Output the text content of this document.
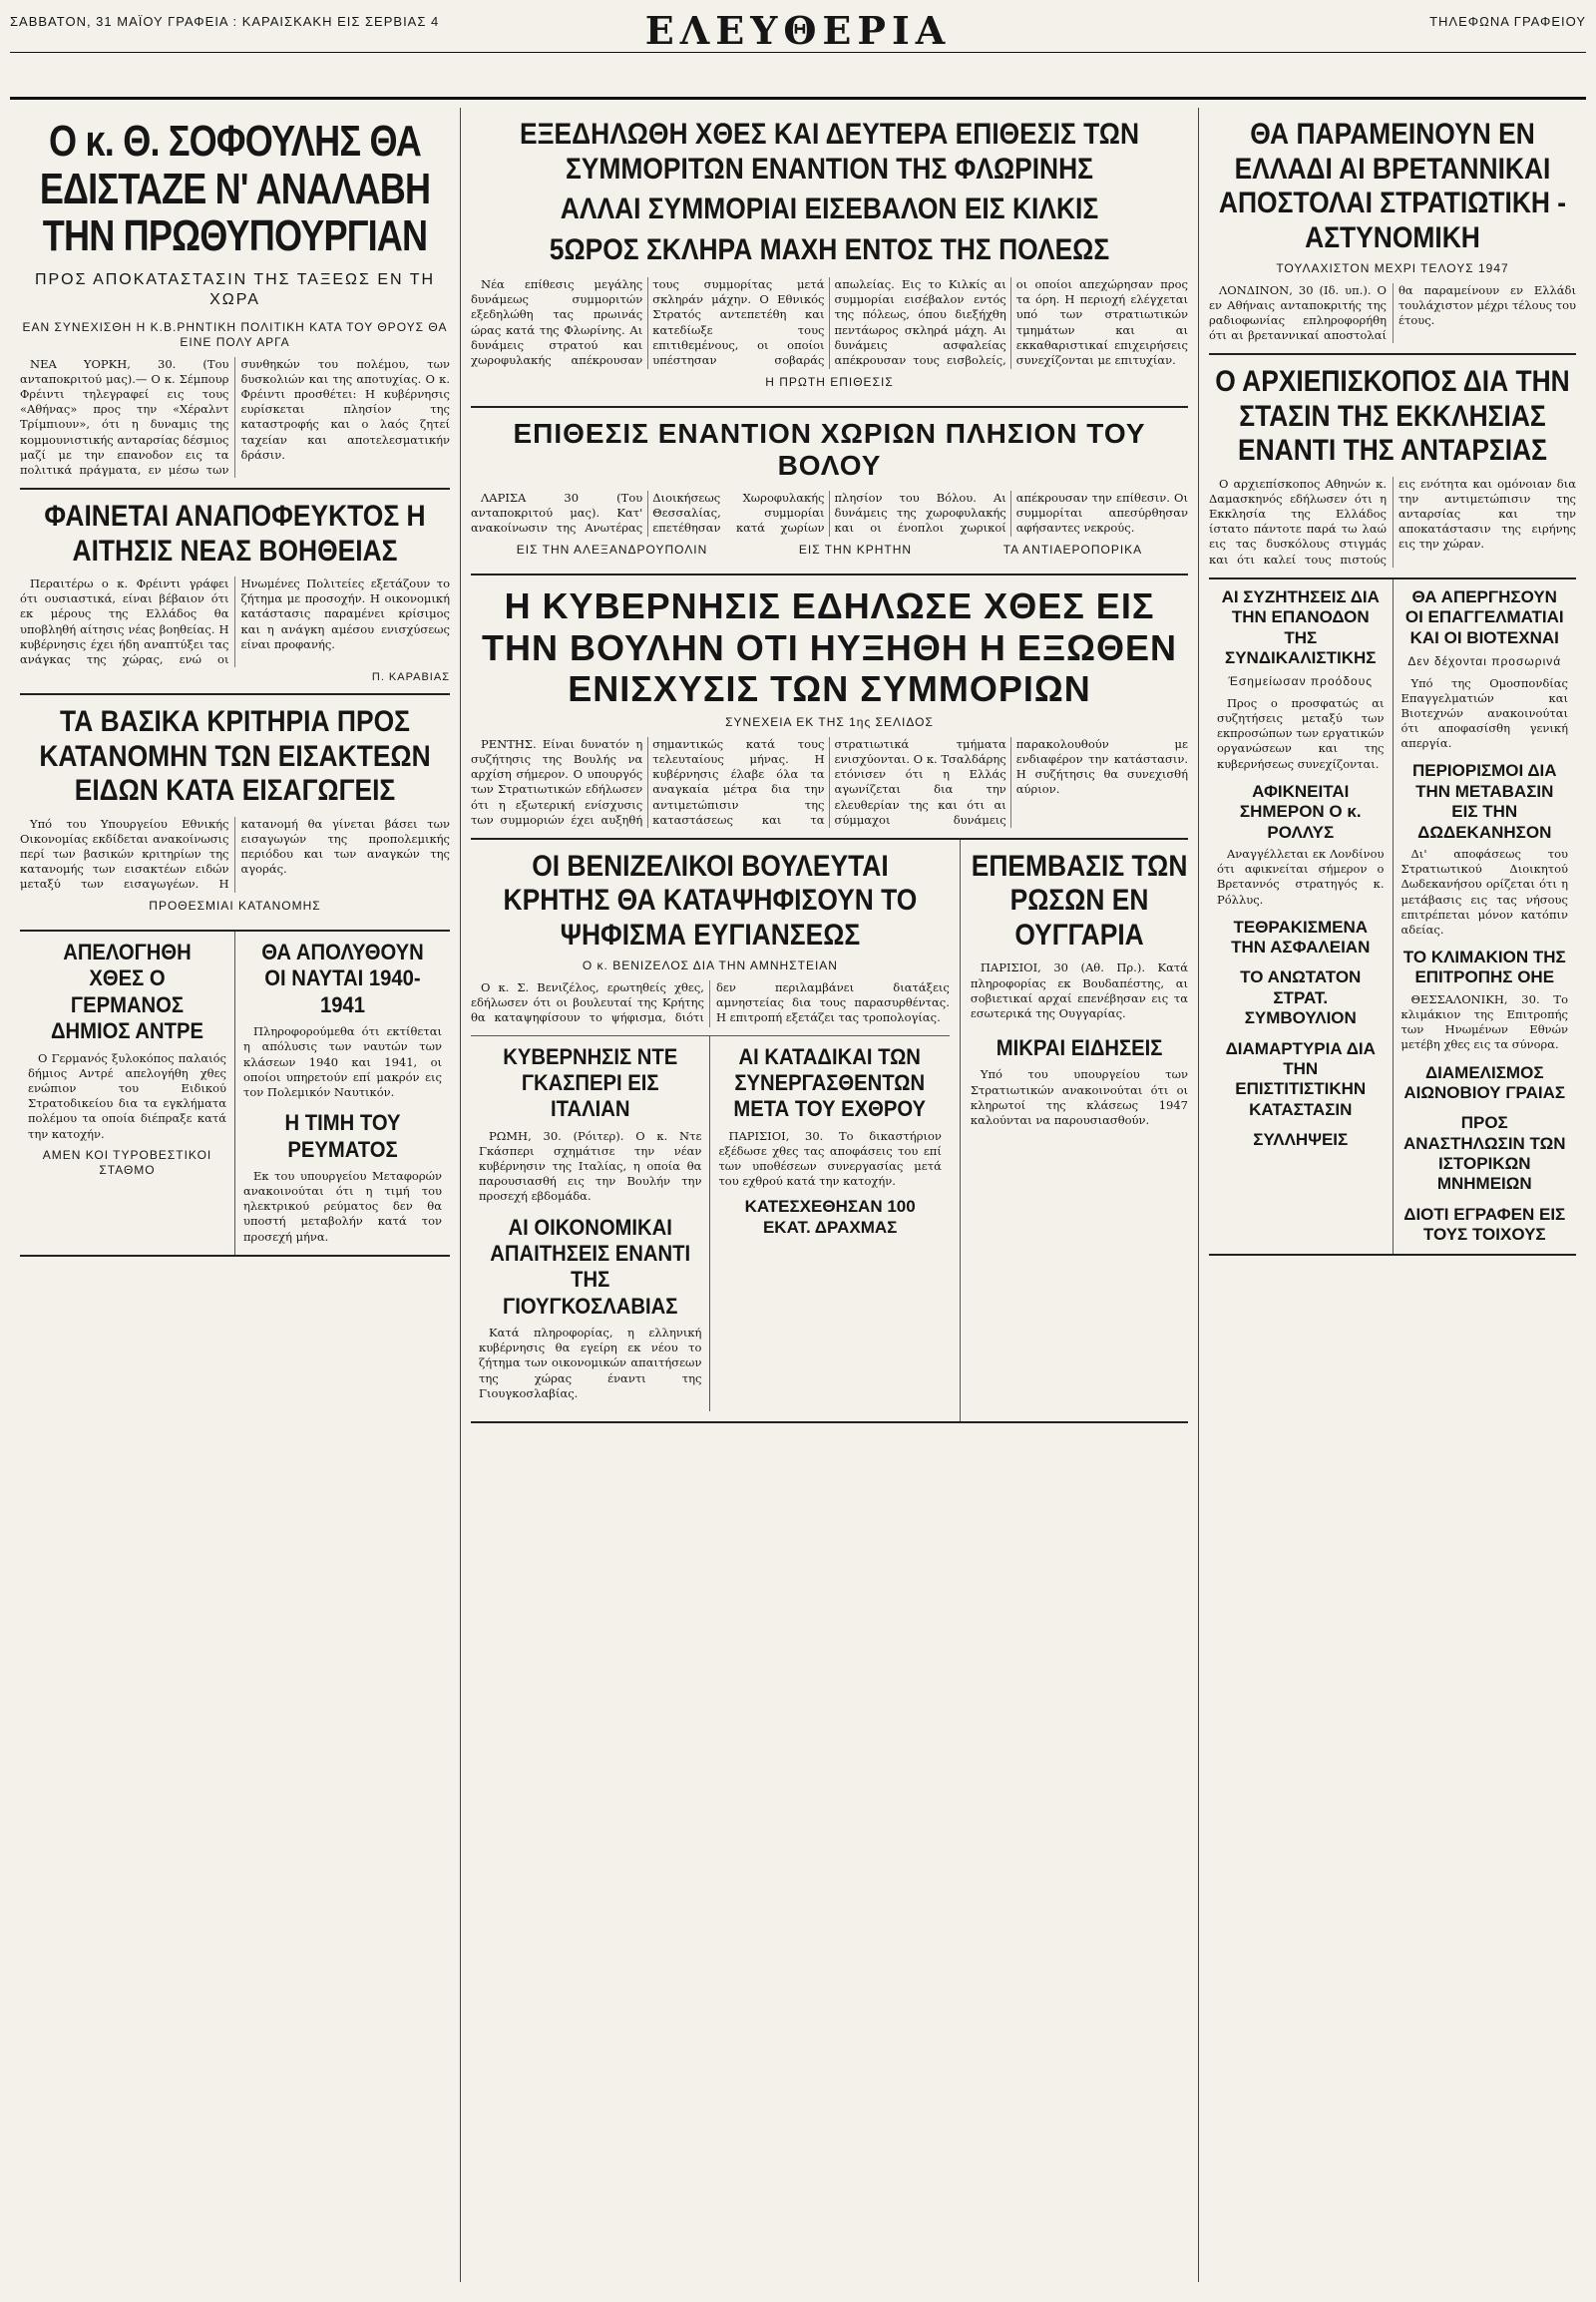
ΣΑΒΒΑΤΟΝ, 31 ΜΑΪΟΥ ΓΡΑΦΕΙΑ : ΚΑΡΑΙΣΚΑΚΗ ΕΙΣ ΣΕΡΒΙΑΣ 4	ΕΛΕΥΘΕΡΙΑ	ΤΗΛΕΦΩΝΑ ΓΡΑΦΕΙΟΥ
Ο κ. Θ. ΣΟΦΟΥΛΗΣ ΘΑ ΕΔΙΣΤΑΖΕ Ν' ΑΝΑΛΑΒΗ ΤΗΝ ΠΡΩΘΥΠΟΥΡΓΙΑΝ
ΠΡΟΣ ΑΠΟΚΑΤΑΣΤΑΣΙΝ ΤΗΣ ΤΑΞΕΩΣ ΕΝ ΤΗ ΧΩΡΑ
ΕΑΝ ΣΥΝΕΧΙΣΘΗ Η Κ.Β.ΡΗΝΤΙΚΗ ΠΟΛΙΤΙΚΗ ΚΑΤΑ ΤΟΥ ΘΡΟΥΣ ΘΑ ΕΙΝΕ ΠΟΛΥ ΑΡΓΑ

ΝΕΑ ΥΟΡΚΗ, 30. (Του ανταποκριτού μας).— Ο κ. Σέμπουρ Φρέιντι τηλεγραφεί εις τους «Αθήνας» προς την «Χέραλντ Τρίμπιουν», ότι η δυναμις της κομμουνιστικής ανταρσίας δέσμιος μαζί με την επανοδον εις τα πολιτικά πράγματα, εν μέσω των συνθηκών του πολέμου, των δυσκολιών και της αποτυχίας. Ο κ. Φρέιντι προσθέτει: Η κυβέρνησις ευρίσκεται πλησίον της καταστροφής και ο λαός ζητεί ταχείαν και αποτελεσματικήν δράσιν.

ΦΑΙΝΕΤΑΙ ΑΝΑΠΟΦΕΥΚΤΟΣ Η ΑΙΤΗΣΙΣ ΝΕΑΣ ΒΟΗΘΕΙΑΣ

Περαιτέρω ο κ. Φρέιντι γράφει ότι ουσιαστικά, είναι βέβαιον ότι εκ μέρους της Ελλάδος θα υποβληθή αίτησις νέας βοηθείας. Η κυβέρνησις έχει ήδη αναπτύξει τας ανάγκας της χώρας, ενώ οι Ηνωμένες Πολιτείες εξετάζουν το ζήτημα με προσοχήν. Η οικονομική κατάστασις παραμένει κρίσιμος και η ανάγκη αμέσου ενισχύσεως είναι προφανής.

Π. ΚΑΡΑΒΙΑΣ
ΤΑ ΒΑΣΙΚΑ ΚΡΙΤΗΡΙΑ ΠΡΟΣ ΚΑΤΑΝΟΜΗΝ ΤΩΝ ΕΙΣΑΚΤΕΩΝ ΕΙΔΩΝ ΚΑΤΑ ΕΙΣΑΓΩΓΕΙΣ

Υπό του Υπουργείου Εθνικής Οικονομίας εκδίδεται ανακοίνωσις περί των βασικών κριτηρίων της κατανομής των εισακτέων ειδών μεταξύ των εισαγωγέων. Η κατανομή θα γίνεται βάσει των εισαγωγών της προπολεμικής περιόδου και των αναγκών της αγοράς.

ΠΡΟΘΕΣΜΙΑΙ ΚΑΤΑΝΟΜΗΣ
ΑΠΕΛΟΓΗΘΗ ΧΘΕΣ Ο ΓΕΡΜΑΝΟΣ ΔΗΜΙΟΣ ΑΝΤΡΕ

Ο Γερμανός ξυλοκόπος παλαιός δήμιος Αντρέ απελογήθη χθες ενώπιον του Ειδικού Στρατοδικείου δια τα εγκλήματα πολέμου τα οποία διέπραξε κατά την κατοχήν.

ΑΜΕΝ ΚΟΙ ΤΥΡΟΒΕΣΤΙΚΟΙ ΣΤΑΘΜΟ
ΘΑ ΑΠΟΛΥΘΟΥΝ ΟΙ ΝΑΥΤΑΙ 1940-1941

Πληροφορούμεθα ότι εκτίθεται η απόλυσις των ναυτών των κλάσεων 1940 και 1941, οι οποίοι υπηρετούν επί μακρόν εις τον Πολεμικόν Ναυτικόν.

Η ΤΙΜΗ ΤΟΥ ΡΕΥΜΑΤΟΣ

Εκ του υπουργείου Μεταφορών ανακοινούται ότι η τιμή του ηλεκτρικού ρεύματος δεν θα υποστή μεταβολήν κατά τον προσεχή μήνα.

ΕΞΕΔΗΛΩΘΗ ΧΘΕΣ ΚΑΙ ΔΕΥΤΕΡΑ ΕΠΙΘΕΣΙΣ ΤΩΝ ΣΥΜΜΟΡΙΤΩΝ ΕΝΑΝΤΙΟΝ ΤΗΣ ΦΛΩΡΙΝΗΣ
ΑΛΛΑΙ ΣΥΜΜΟΡΙΑΙ ΕΙΣΕΒΑΛΟΝ ΕΙΣ ΚΙΛΚΙΣ
5ΩΡΟΣ ΣΚΛΗΡΑ ΜΑΧΗ ΕΝΤΟΣ ΤΗΣ ΠΟΛΕΩΣ

Νέα επίθεσις μεγάλης δυνάμεως συμμοριτών εξεδηλώθη τας πρωινάς ώρας κατά της Φλωρίνης. Αι δυνάμεις στρατού και χωροφυλακής απέκρουσαν τους συμμορίτας μετά σκληράν μάχην. Ο Εθνικός Στρατός αντεπετέθη και κατεδίωξε τους επιτιθεμένους, οι οποίοι υπέστησαν σοβαράς απωλείας. Εις το Κιλκίς αι συμμορίαι εισέβαλον εντός της πόλεως, όπου διεξήχθη πεντάωρος σκληρά μάχη. Αι δυνάμεις ασφαλείας απέκρουσαν τους εισβολείς, οι οποίοι απεχώρησαν προς τα όρη. Η περιοχή ελέγχεται υπό των στρατιωτικών τμημάτων και αι εκκαθαριστικαί επιχειρήσεις συνεχίζονται με επιτυχίαν.

Η ΠΡΩΤΗ ΕΠΙΘΕΣΙΣ
ΕΠΙΘΕΣΙΣ ΕΝΑΝΤΙΟΝ ΧΩΡΙΩΝ ΠΛΗΣΙΟΝ ΤΟΥ ΒΟΛΟΥ

ΛΑΡΙΣΑ 30 (Του ανταποκριτού μας). Κατ' ανακοίνωσιν της Ανωτέρας Διοικήσεως Χωροφυλακής Θεσσαλίας, συμμορίαι επετέθησαν κατά χωρίων πλησίον του Βόλου. Αι δυνάμεις της χωροφυλακής και οι ένοπλοι χωρικοί απέκρουσαν την επίθεσιν. Οι συμμορίται απεσύρθησαν αφήσαντες νεκρούς.

ΕΙΣ ΤΗΝ ΑΛΕΞΑΝΔΡΟΥΠΟΛΙΝ	ΕΙΣ ΤΗΝ ΚΡΗΤΗΝ	ΤΑ ΑΝΤΙΑΕΡΟΠΟΡΙΚΑ
Η ΚΥΒΕΡΝΗΣΙΣ ΕΔΗΛΩΣΕ ΧΘΕΣ ΕΙΣ ΤΗΝ ΒΟΥΛΗΝ ΟΤΙ ΗΥΞΗΘΗ Η ΕΞΩΘΕΝ ΕΝΙΣΧΥΣΙΣ ΤΩΝ ΣΥΜΜΟΡΙΩΝ
ΣΥΝΕΧΕΙΑ ΕΚ ΤΗΣ 1ης ΣΕΛΙΔΟΣ

ΡΕΝΤΗΣ. Είναι δυνατόν η συζήτησις της Βουλής να αρχίση σήμερον. Ο υπουργός των Στρατιωτικών εδήλωσεν ότι η εξωτερική ενίσχυσις των συμμοριών έχει αυξηθή σημαντικώς κατά τους τελευταίους μήνας. Η κυβέρνησις έλαβε όλα τα αναγκαία μέτρα δια την αντιμετώπισιν της καταστάσεως και τα στρατιωτικά τμήματα ενισχύονται. Ο κ. Τσαλδάρης ετόνισεν ότι η Ελλάς αγωνίζεται δια την ελευθερίαν της και ότι αι σύμμαχοι δυνάμεις παρακολουθούν με ενδιαφέρον την κατάστασιν. Η συζήτησις θα συνεχισθή αύριον.

ΟΙ ΒΕΝΙΖΕΛΙΚΟΙ ΒΟΥΛΕΥΤΑΙ ΚΡΗΤΗΣ ΘΑ ΚΑΤΑΨΗΦΙΣΟΥΝ ΤΟ ΨΗΦΙΣΜΑ ΕΥΓΙΑΝΣΕΩΣ
Ο κ. ΒΕΝΙΖΕΛΟΣ ΔΙΑ ΤΗΝ ΑΜΝΗΣΤΕΙΑΝ

Ο κ. Σ. Βενιζέλος, ερωτηθείς χθες, εδήλωσεν ότι οι βουλευταί της Κρήτης θα καταψηφίσουν το ψήφισμα, διότι δεν περιλαμβάνει διατάξεις αμνηστείας δια τους παρασυρθέντας. Η επιτροπή εξετάζει τας τροπολογίας.

ΚΥΒΕΡΝΗΣΙΣ ΝΤΕ ΓΚΑΣΠΕΡΙ ΕΙΣ ΙΤΑΛΙΑΝ

ΡΩΜΗ, 30. (Ρόιτερ). Ο κ. Ντε Γκάσπερι σχημάτισε την νέαν κυβέρνησιν της Ιταλίας, η οποία θα παρουσιασθή εις την Βουλήν την προσεχή εβδομάδα.

ΑΙ ΟΙΚΟΝΟΜΙΚΑΙ ΑΠΑΙΤΗΣΕΙΣ ΕΝΑΝΤΙ ΤΗΣ ΓΙΟΥΓΚΟΣΛΑΒΙΑΣ

Κατά πληροφορίας, η ελληνική κυβέρνησις θα εγείρη εκ νέου το ζήτημα των οικονομικών απαιτήσεων της χώρας έναντι της Γιουγκοσλαβίας.

ΑΙ ΚΑΤΑΔΙΚΑΙ ΤΩΝ ΣΥΝΕΡΓΑΣΘΕΝΤΩΝ ΜΕΤΑ ΤΟΥ ΕΧΘΡΟΥ

ΠΑΡΙΣΙΟΙ, 30. Το δικαστήριον εξέδωσε χθες τας αποφάσεις του επί των υποθέσεων συνεργασίας μετά του εχθρού κατά την κατοχήν.

ΚΑΤΕΣΧΕΘΗΣΑΝ 100 ΕΚΑΤ. ΔΡΑΧΜΑΣ
ΕΠΕΜΒΑΣΙΣ ΤΩΝ ΡΩΣΩΝ ΕΝ ΟΥΓΓΑΡΙΑ

ΠΑΡΙΣΙΟΙ, 30 (Αθ. Πρ.). Κατά πληροφορίας εκ Βουδαπέστης, αι σοβιετικαί αρχαί επενέβησαν εις τα εσωτερικά της Ουγγαρίας.

ΜΙΚΡΑΙ ΕΙΔΗΣΕΙΣ

Υπό του υπουργείου των Στρατιωτικών ανακοινούται ότι οι κληρωτοί της κλάσεως 1947 καλούνται να παρουσιασθούν.

ΘΑ ΠΑΡΑΜΕΙΝΟΥΝ ΕΝ ΕΛΛΑΔΙ ΑΙ ΒΡΕΤΑΝΝΙΚΑΙ ΑΠΟΣΤΟΛΑΙ ΣΤΡΑΤΙΩΤΙΚΗ - ΑΣΤΥΝΟΜΙΚΗ
ΤΟΥΛΑΧΙΣΤΟΝ ΜΕΧΡΙ ΤΕΛΟΥΣ 1947

ΛΟΝΔΙΝΟΝ, 30 (Ιδ. υπ.). Ο εν Αθήναις ανταποκριτής της ραδιοφωνίας επληροφορήθη ότι αι βρεταννικαί αποστολαί θα παραμείνουν εν Ελλάδι τουλάχιστον μέχρι τέλους του έτους.

Ο ΑΡΧΙΕΠΙΣΚΟΠΟΣ ΔΙΑ ΤΗΝ ΣΤΑΣΙΝ ΤΗΣ ΕΚΚΛΗΣΙΑΣ ΕΝΑΝΤΙ ΤΗΣ ΑΝΤΑΡΣΙΑΣ

Ο αρχιεπίσκοπος Αθηνών κ. Δαμασκηνός εδήλωσεν ότι η Εκκλησία της Ελλάδος ίστατο πάντοτε παρά τω λαώ εις τας δυσκόλους στιγμάς και ότι καλεί τους πιστούς εις ενότητα και ομόνοιαν δια την αντιμετώπισιν της ανταρσίας και την αποκατάστασιν της ειρήνης εις την χώραν.

ΑΙ ΣΥΖΗΤΗΣΕΙΣ ΔΙΑ ΤΗΝ ΕΠΑΝΟΔΟΝ ΤΗΣ ΣΥΝΔΙΚΑΛΙΣΤΙΚΗΣ
Έσημείωσαν προόδους

Προς ο προσφατώς αι συζητήσεις μεταξύ των εκπροσώπων των εργατικών οργανώσεων και της κυβερνήσεως συνεχίζονται.

ΑΦΙΚΝΕΙΤΑΙ ΣΗΜΕΡΟΝ Ο κ. ΡΟΛΛΥΣ

Αναγγέλλεται εκ Λονδίνου ότι αφικνείται σήμερον ο Βρεταννός στρατηγός κ. Ρόλλυς.

ΤΕΘΡΑΚΙΣΜΕΝΑ ΤΗΝ ΑΣΦΑΛΕΙΑΝ
ΤΟ ΑΝΩΤΑΤΟΝ ΣΤΡΑΤ. ΣΥΜΒΟΥΛΙΟΝ
ΔΙΑΜΑΡΤΥΡΙΑ ΔΙΑ ΤΗΝ ΕΠΙΣΤΙΤΙΣΤΙΚΗΝ ΚΑΤΑΣΤΑΣΙΝ
ΣΥΛΛΗΨΕΙΣ
ΘΑ ΑΠΕΡΓΗΣΟΥΝ ΟΙ ΕΠΑΓΓΕΛΜΑΤΙΑΙ ΚΑΙ ΟΙ ΒΙΟΤΕΧΝΑΙ
Δεν δέχονται προσωρινά

Υπό της Ομοσπονδίας Επαγγελματιών και Βιοτεχνών ανακοινούται ότι αποφασίσθη γενική απεργία.

ΠΕΡΙΟΡΙΣΜΟΙ ΔΙΑ ΤΗΝ ΜΕΤΑΒΑΣΙΝ ΕΙΣ ΤΗΝ ΔΩΔΕΚΑΝΗΣΟΝ

Δι' αποφάσεως του Στρατιωτικού Διοικητού Δωδεκανήσου ορίζεται ότι η μετάβασις εις τας νήσους επιτρέπεται μόνον κατόπιν αδείας.

ΤΟ ΚΛΙΜΑΚΙΟΝ ΤΗΣ ΕΠΙΤΡΟΠΗΣ ΟΗΕ

ΘΕΣΣΑΛΟΝΙΚΗ, 30. Το κλιμάκιον της Επιτροπής των Ηνωμένων Εθνών μετέβη χθες εις τα σύνορα.

ΔΙΑΜΕΛΙΣΜΟΣ ΑΙΩΝΟΒΙΟΥ ΓΡΑΙΑΣ
ΠΡΟΣ ΑΝΑΣΤΗΛΩΣΙΝ ΤΩΝ ΙΣΤΟΡΙΚΩΝ ΜΝΗΜΕΙΩΝ
ΔΙΟΤΙ ΕΓΡΑΦΕΝ ΕΙΣ ΤΟΥΣ ΤΟΙΧΟΥΣ
